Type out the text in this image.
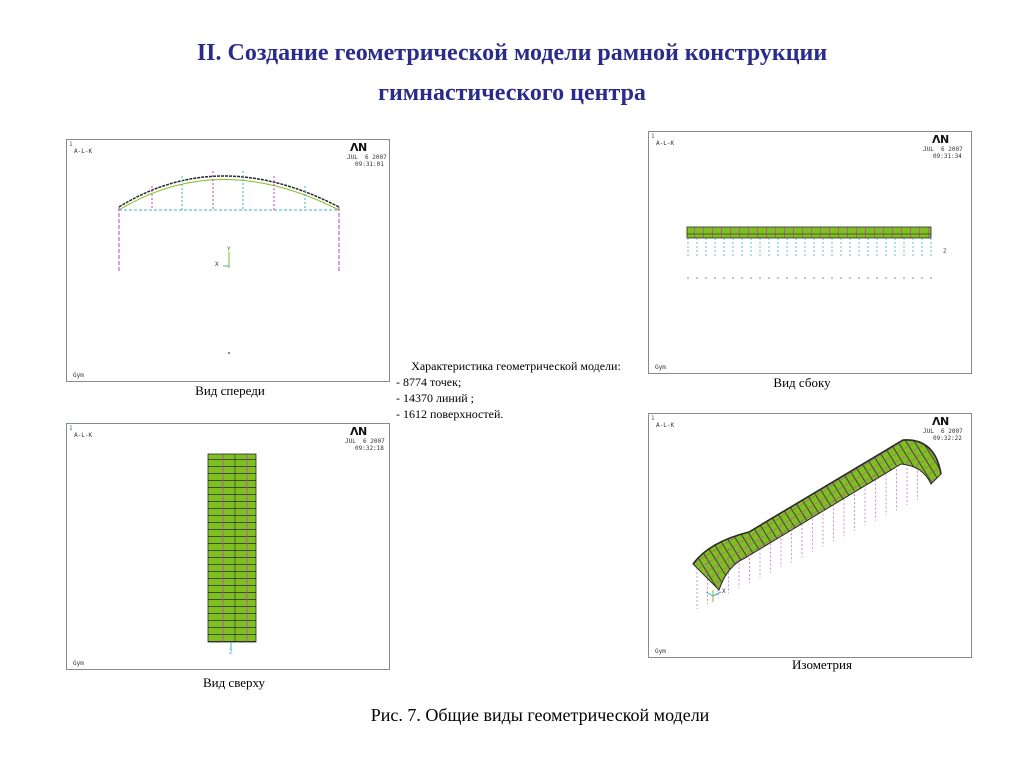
II. Создание геометрической модели рамной конструкции
гимнастического центра
1
A-L-K	ΛN
JUL  6 2007
09:31:01
Y
X
Gym
Вид спереди
1
A-L-K	ΛN
JUL  6 2007
09:31:34
Z
Gym
Вид сбоку
Характеристика геометрической модели:
- 8774 точек;
- 14370 линий ;
- 1612 поверхностей.
1
A-L-K	ΛN
JUL  6 2007
09:32:18
Z
Gym
Вид сверху
1
A-L-K	ΛN
JUL  6 2007
09:32:22
X
Gym
Изометрия
Рис. 7. Общие виды геометрической модели
